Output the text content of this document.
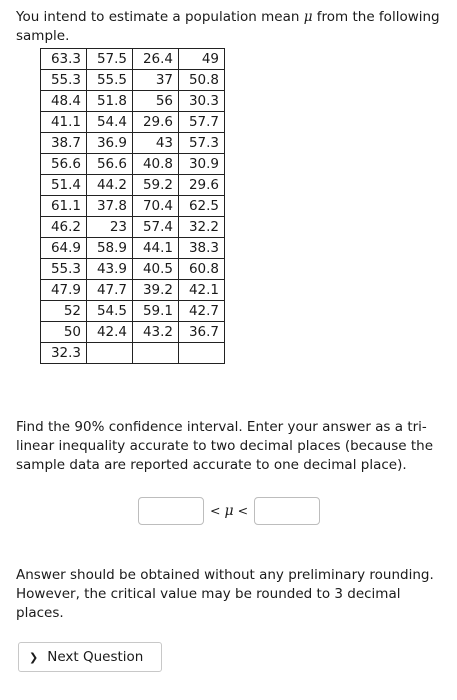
You intend to estimate a population mean μ from the following sample.

63.3	57.5	26.4	49
55.3	55.5	37	50.8
48.4	51.8	56	30.3
41.1	54.4	29.6	57.7
38.7	36.9	43	57.3
56.6	56.6	40.8	30.9
51.4	44.2	59.2	29.6
61.1	37.8	70.4	62.5
46.2	23	57.4	32.2
64.9	58.9	44.1	38.3
55.3	43.9	40.5	60.8
47.9	47.7	39.2	42.1
52	54.5	59.1	42.7
50	42.4	43.2	36.7
32.3			

Find the 90% confidence interval. Enter your answer as a tri-linear inequality accurate to two decimal places (because the sample data are reported accurate to one decimal place).

< μ <

Answer should be obtained without any preliminary rounding. However, the critical value may be rounded to 3 decimal places.

❯ Next Question
